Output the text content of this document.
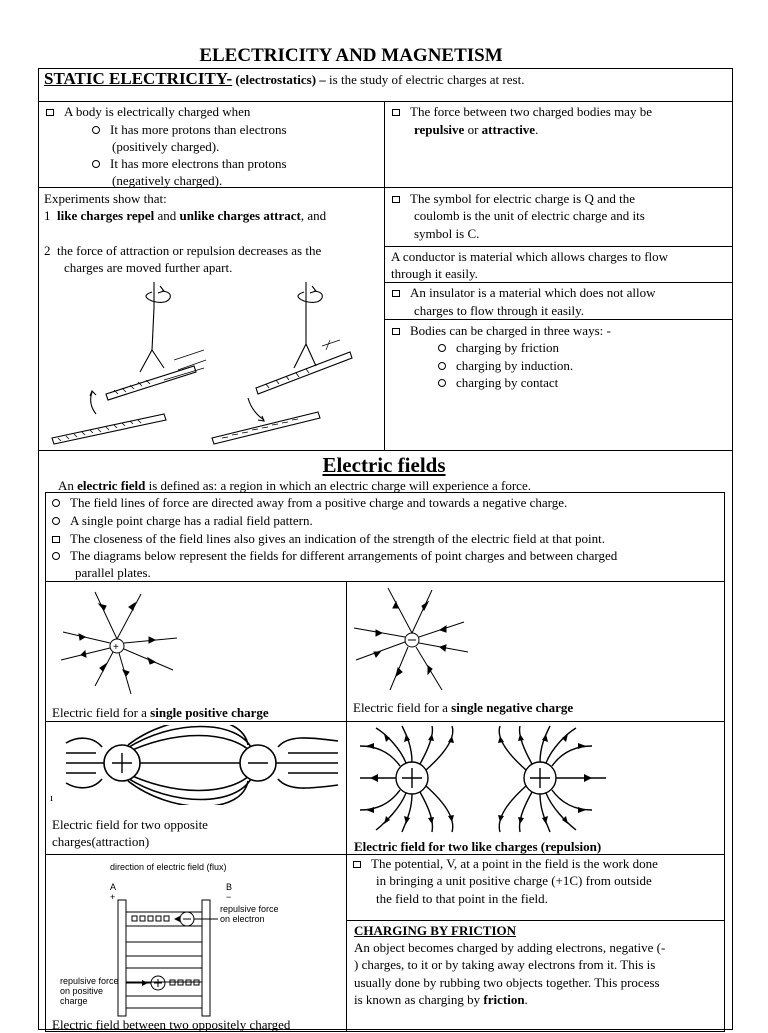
ELECTRICITY AND MAGNETISM
STATIC ELECTRICITY- (electrostatics) – is the study of electric charges at rest.
A body is electrically charged when
It has more protons than electrons
(positively charged).
It has more electrons than protons
(negatively charged).
The force between two charged bodies may be
repulsive or attractive.
Experiments show that:
1 like charges repel and unlike charges attract, and
2 the force of attraction or repulsion decreases as the
charges are moved further apart.
The symbol for electric charge is Q and the
coulomb is the unit of electric charge and its
symbol is C.
A conductor is material which allows charges to flow
through it easily.
An insulator is a material which does not allow
charges to flow through it easily.
Bodies can be charged in three ways: -
charging by friction
charging by induction.
charging by contact
Electric fields
An electric field is defined as: a region in which an electric charge will experience a force.
The field lines of force are directed away from a positive charge and towards a negative charge.
A single point charge has a radial field pattern.
The closeness of the field lines also gives an indication of the strength of the electric field at that point.
The diagrams below represent the fields for different arrangements of point charges and between charged
parallel plates.
+
Electric field for a single positive charge	Electric field for a single negative charge
ı
Electric field for two opposite
charges(attraction)	Electric field for two like charges (repulsion)
direction of electric field (flux)
A
+
B
−
repulsive force
on electron
repulsive force
on positive
charge
Electric field between two oppositely charged
The potential, V, at a point in the field is the work done
in bringing a unit positive charge (+1C) from outside
the field to that point in the field.
CHARGING BY FRICTION
An object becomes charged by adding electrons, negative (-
) charges, to it or by taking away electrons from it. This is
usually done by rubbing two objects together. This process
is known as charging by friction.
